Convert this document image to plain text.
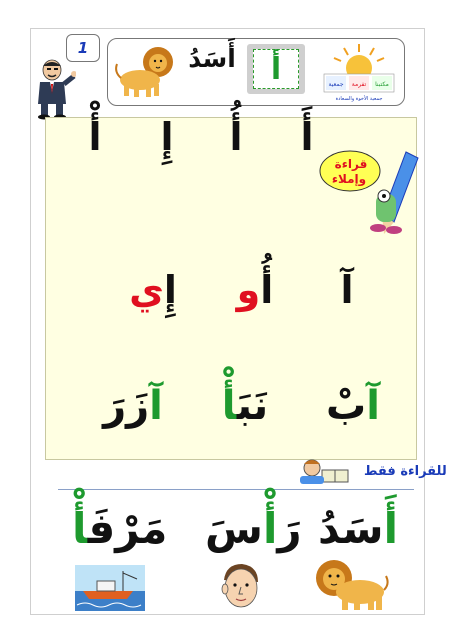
1	أَسَدُ	أ	جمعية تفرمة مكتبنا
جمعية الأخوة والسعادة
أَ
أُ
إِ
أْ
قراءة
وإملاء
آ
أُو
إِي
آبْ
نَبَأْ
آزَرَ
للقراءة فقط
أَسَدُ
رَأْسَ
مَرْفَأْ
